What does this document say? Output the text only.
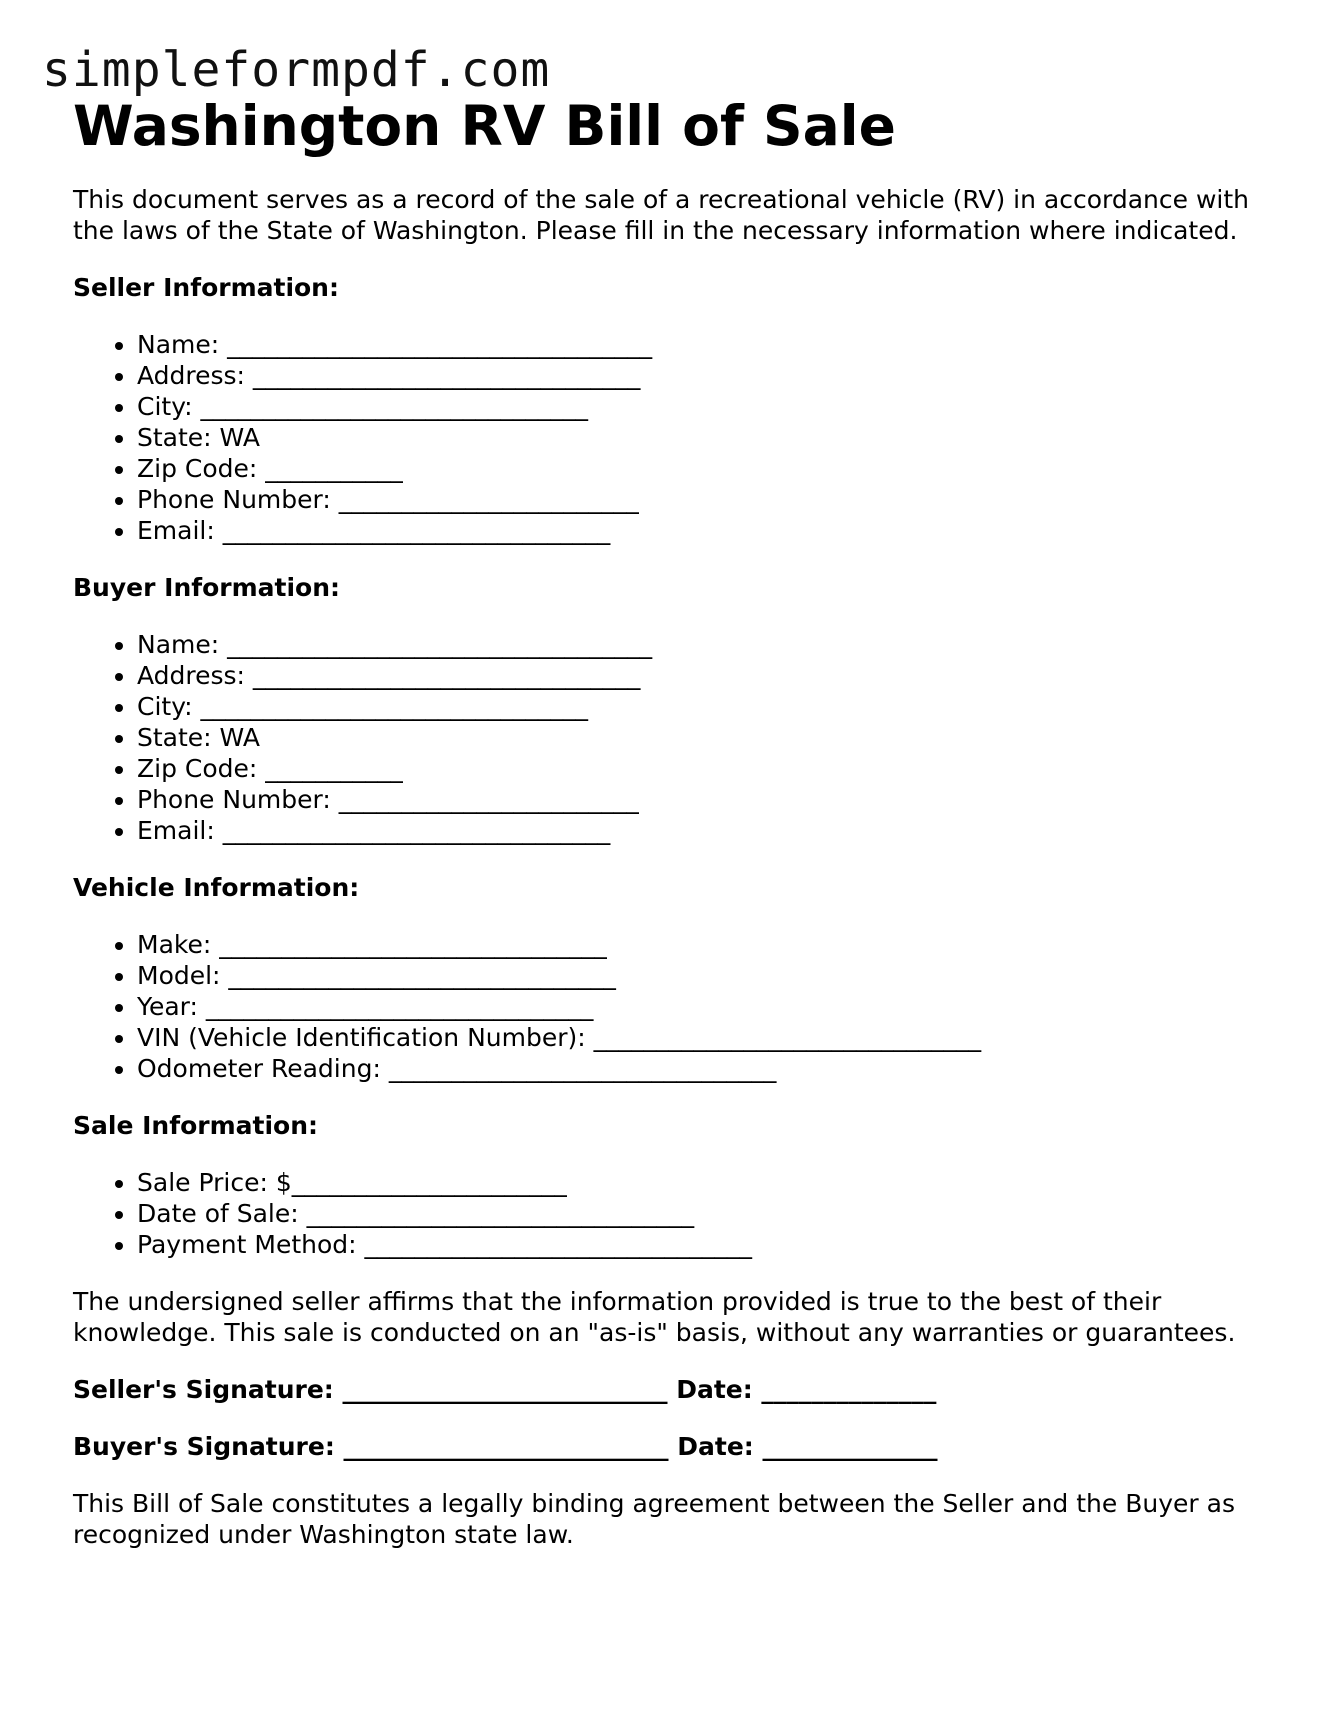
simpleformpdf.com
Washington RV Bill of Sale

This document serves as a record of the sale of a recreational vehicle (RV) in accordance with the laws of the State of Washington. Please fill in the necessary information where indicated.

Seller Information:
• Name: __________________________________
• Address: _______________________________
• City: _______________________________
• State: WA
• Zip Code: ___________
• Phone Number: ________________________
• Email: _______________________________
Buyer Information:
• Name: __________________________________
• Address: _______________________________
• City: _______________________________
• State: WA
• Zip Code: ___________
• Phone Number: ________________________
• Email: _______________________________
Vehicle Information:
• Make: _______________________________
• Model: _______________________________
• Year: _______________________________
• VIN (Vehicle Identification Number): _______________________________
• Odometer Reading: _______________________________
Sale Information:
• Sale Price: $______________________
• Date of Sale: _______________________________
• Payment Method: _______________________________

The undersigned seller affirms that the information provided is true to the best of their knowledge. This sale is conducted on an "as-is" basis, without any warranties or guarantees.

Seller's Signature: __________________________ Date: ______________
Buyer's Signature: __________________________ Date: ______________

This Bill of Sale constitutes a legally binding agreement between the Seller and the Buyer as recognized under Washington state law.
